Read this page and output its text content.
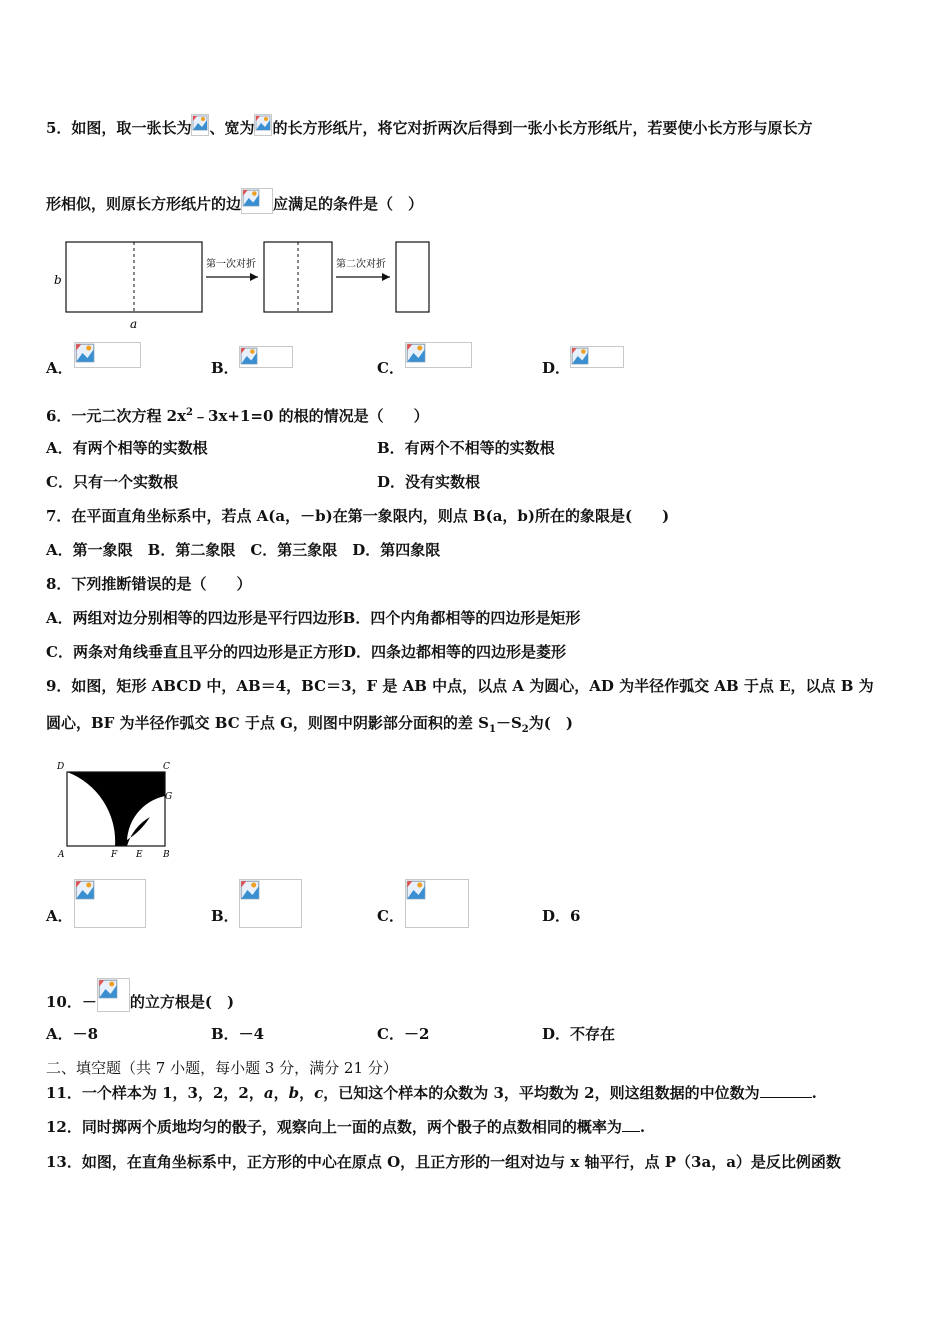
5．如图，取一张长为 、宽为 的长方形纸片，将它对折两次后得到一张小长方形纸片，若要使小长方形与原长方
形相似，则原长方形纸片的边 应满足的条件是（　）
b
a
第一次对折	第二次对折
A．	B．	C．	D．
6．一元二次方程 $2x^2﹣3x+1=0$ 的根的情况是（　　）
A．有两个相等的实数根	B．有两个不相等的实数根
C．只有一个实数根	D．没有实数根
7．在平面直角坐标系中，若点 A(a，－b)在第一象限内，则点 B(a，b)所在的象限是(　　)
A．第一象限　B．第二象限　C．第三象限　D．第四象限
8．下列推断错误的是（　　）
A．两组对边分别相等的四边形是平行四边形B．四个内角都相等的四边形是矩形
C．两条对角线垂直且平分的四边形是正方形D．四条边都相等的四边形是菱形
9．如图，矩形 ABCD 中，AB＝4，BC＝3，F 是 AB 中点，以点 A 为圆心，AD 为半径作弧交 AB 于点 E，以点 B 为
圆心，BF 为半径作弧交 BC 于点 G，则图中阴影部分面积的差 $S_1-S_2$为(　)
D	C
G
A	F E B
A．	B．	C．	D．6
10．－ 的立方根是(　)
A．－8	B．－4	C．－2	D．不存在
二、填空题（共 7 小题，每小题 3 分，满分 21 分）
11．一个样本为 1，3，2，2，a，b，c，已知这个样本的众数为 3，平均数为 2，则这组数据的中位数为	.
12．同时掷两个质地均匀的骰子，观察向上一面的点数，两个骰子的点数相同的概率为 .
13．如图，在直角坐标系中，正方形的中心在原点 O，且正方形的一组对边与 x 轴平行，点 P（3a，a）是反比例函数
